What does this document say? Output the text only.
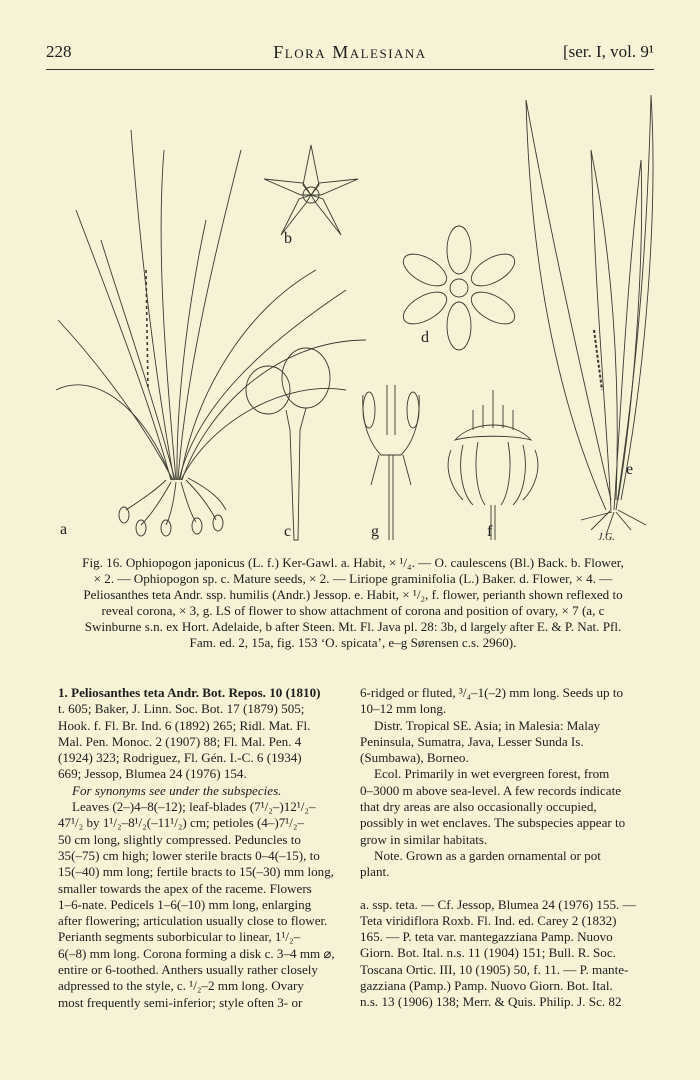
228	Flora Malesiana	[ser. I, vol. 9¹
a
b
c
d
e
f
g	J.G.
Fig. 16. Ophiopogon japonicus (L. f.) Ker-Gawl. a. Habit, × ¹/₄. — O. caulescens (Bl.) Back. b. Flower,
× 2. — Ophiopogon sp. c. Mature seeds, × 2. — Liriope graminifolia (L.) Baker. d. Flower, × 4. —
Peliosanthes teta Andr. ssp. humilis (Andr.) Jessop. e. Habit, × ¹/₂, f. flower, perianth shown reflexed to
reveal corona, × 3, g. LS of flower to show attachment of corona and position of ovary, × 7 (a, c
Swinburne s.n. ex Hort. Adelaide, b after Steen. Mt. Fl. Java pl. 28: 3b, d largely after E. & P. Nat. Pfl.
Fam. ed. 2, 15a, fig. 153 ‘O. spicata’, e–g Sørensen c.s. 2960).

1. Peliosanthes teta Andr. Bot. Repos. 10 (1810)

t. 605; Baker, J. Linn. Soc. Bot. 17 (1879) 505;

Hook. f. Fl. Br. Ind. 6 (1892) 265; Ridl. Mat. Fl.

Mal. Pen. Monoc. 2 (1907) 88; Fl. Mal. Pen. 4

(1924) 323; Rodriguez, Fl. Gén. I.-C. 6 (1934)

669; Jessop, Blumea 24 (1976) 154.

For synonyms see under the subspecies.

Leaves (2–)4–8(–12); leaf-blades (7¹/₂–)12¹/₂–

47¹/₂ by 1¹/₂–8¹/₂(–11¹/₂) cm; petioles (4–)7¹/₂–

50 cm long, slightly compressed. Peduncles to

35(–75) cm high; lower sterile bracts 0–4(–15), to

15(–40) mm long; fertile bracts to 15(–30) mm long,

smaller towards the apex of the raceme. Flowers

1–6-nate. Pedicels 1–6(–10) mm long, enlarging

after flowering; articulation usually close to flower.

Perianth segments suborbicular to linear, 1¹/₂–

6(–8) mm long. Corona forming a disk c. 3–4 mm ⌀,

entire or 6-toothed. Anthers usually rather closely

adpressed to the style, c. ¹/₂–2 mm long. Ovary

most frequently semi-inferior; style often 3- or

6-ridged or fluted, ³/₄–1(–2) mm long. Seeds up to

10–12 mm long.

Distr. Tropical SE. Asia; in Malesia: Malay

Peninsula, Sumatra, Java, Lesser Sunda Is.

(Sumbawa), Borneo.

Ecol. Primarily in wet evergreen forest, from

0–3000 m above sea-level. A few records indicate

that dry areas are also occasionally occupied,

possibly in wet enclaves. The subspecies appear to

grow in similar habitats.

Note. Grown as a garden ornamental or pot

plant.

a. ssp. teta. — Cf. Jessop, Blumea 24 (1976) 155. —

Teta viridiflora Roxb. Fl. Ind. ed. Carey 2 (1832)

165. — P. teta var. mantegazziana Pamp. Nuovo

Giorn. Bot. Ital. n.s. 11 (1904) 151; Bull. R. Soc.

Toscana Ortic. III, 10 (1905) 50, f. 11. — P. mante-

gazziana (Pamp.) Pamp. Nuovo Giorn. Bot. Ital.

n.s. 13 (1906) 138; Merr. & Quis. Philip. J. Sc. 82
